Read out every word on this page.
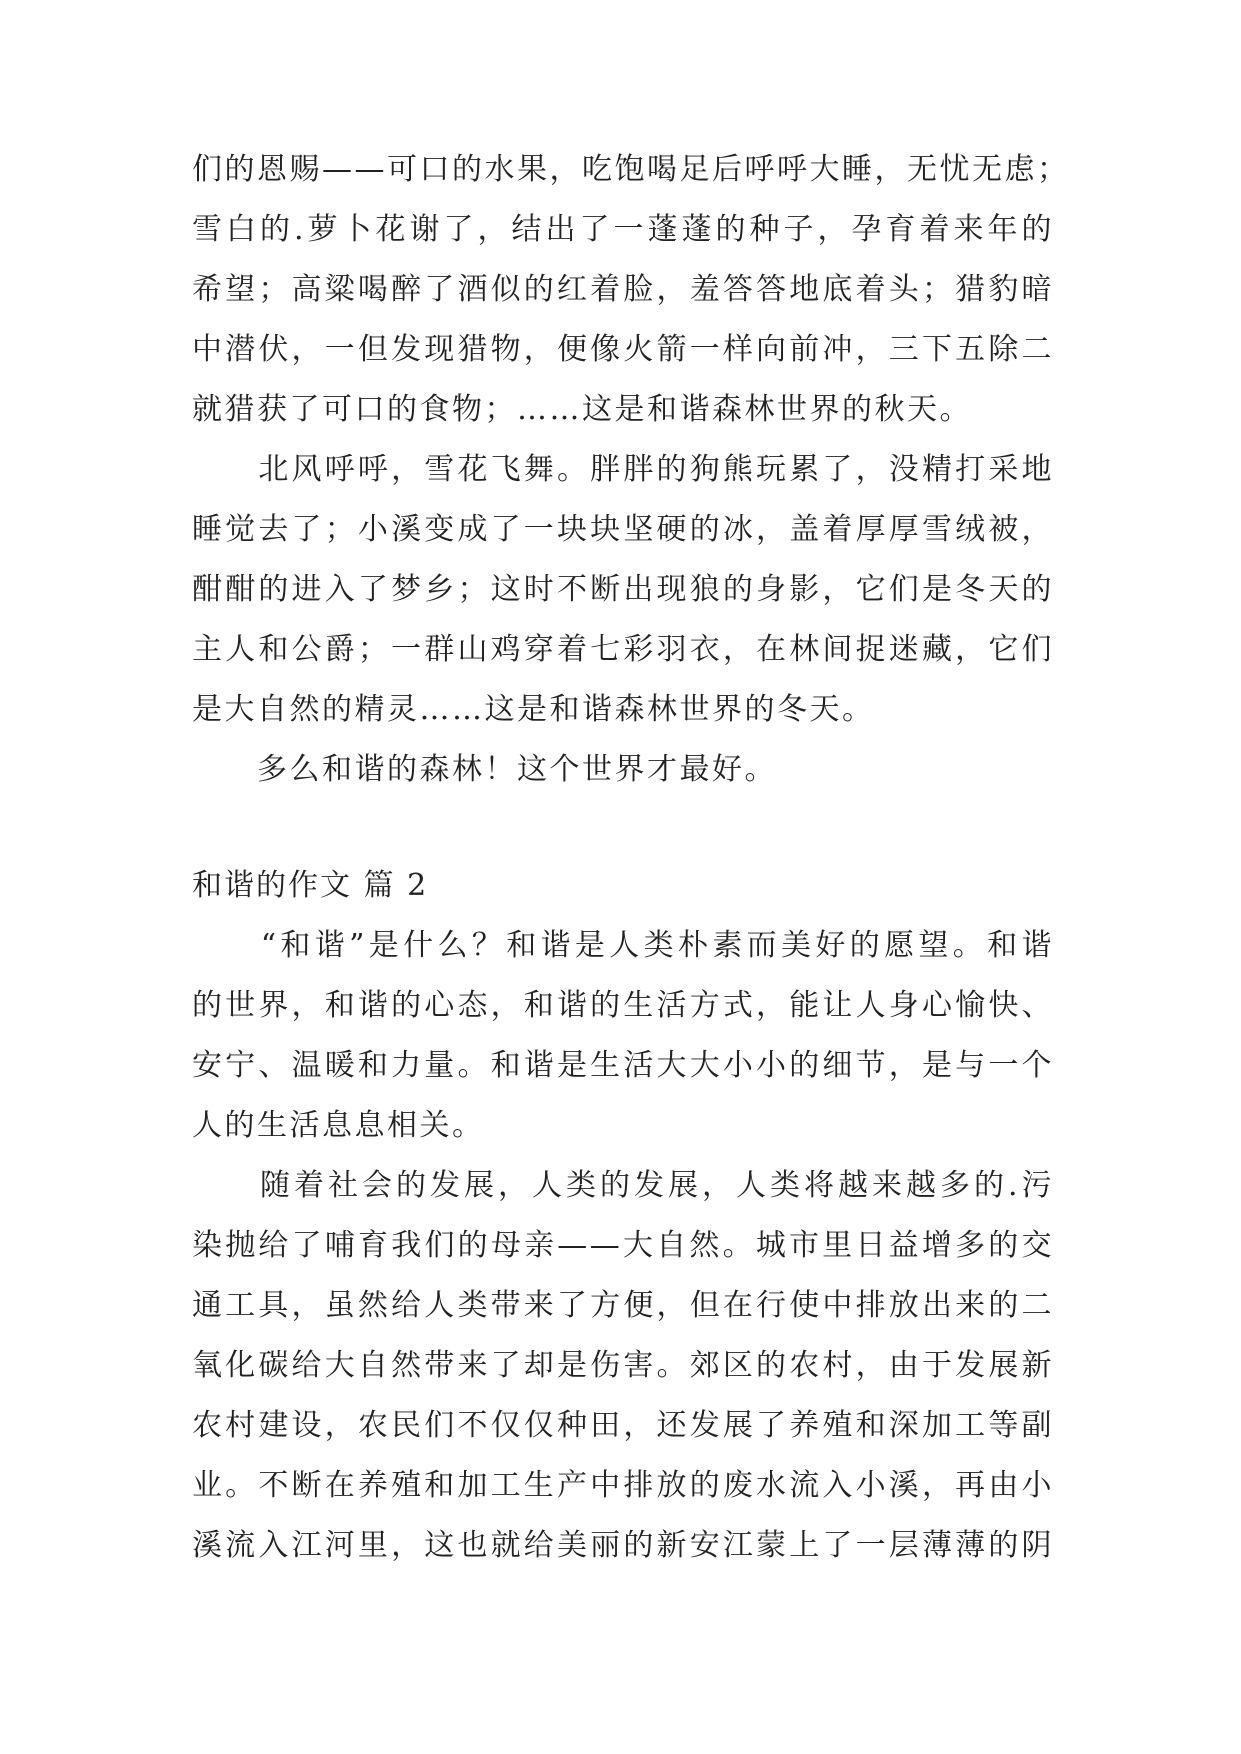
们的恩赐——可口的水果，吃饱喝足后呼呼大睡，无忧无虑；

雪白的.萝卜花谢了，结出了一蓬蓬的种子，孕育着来年的

希望；高粱喝醉了酒似的红着脸，羞答答地底着头；猎豹暗

中潜伏，一但发现猎物，便像火箭一样向前冲，三下五除二

就猎获了可口的食物；……这是和谐森林世界的秋天。

　　北风呼呼，雪花飞舞。胖胖的狗熊玩累了，没精打采地

睡觉去了；小溪变成了一块块坚硬的冰，盖着厚厚雪绒被，

酣酣的进入了梦乡；这时不断出现狼的身影，它们是冬天的

主人和公爵；一群山鸡穿着七彩羽衣，在林间捉迷藏，它们

是大自然的精灵……这是和谐森林世界的冬天。

　　多么和谐的森林！这个世界才最好。

和谐的作文 篇 2

　　“和谐”是什么？和谐是人类朴素而美好的愿望。和谐

的世界，和谐的心态，和谐的生活方式，能让人身心愉快、

安宁、温暖和力量。和谐是生活大大小小的细节，是与一个

人的生活息息相关。

　　随着社会的发展，人类的发展，人类将越来越多的.污

染抛给了哺育我们的母亲——大自然。城市里日益增多的交

通工具，虽然给人类带来了方便，但在行使中排放出来的二

氧化碳给大自然带来了却是伤害。郊区的农村，由于发展新

农村建设，农民们不仅仅种田，还发展了养殖和深加工等副

业。不断在养殖和加工生产中排放的废水流入小溪，再由小

溪流入江河里，这也就给美丽的新安江蒙上了一层薄薄的阴
